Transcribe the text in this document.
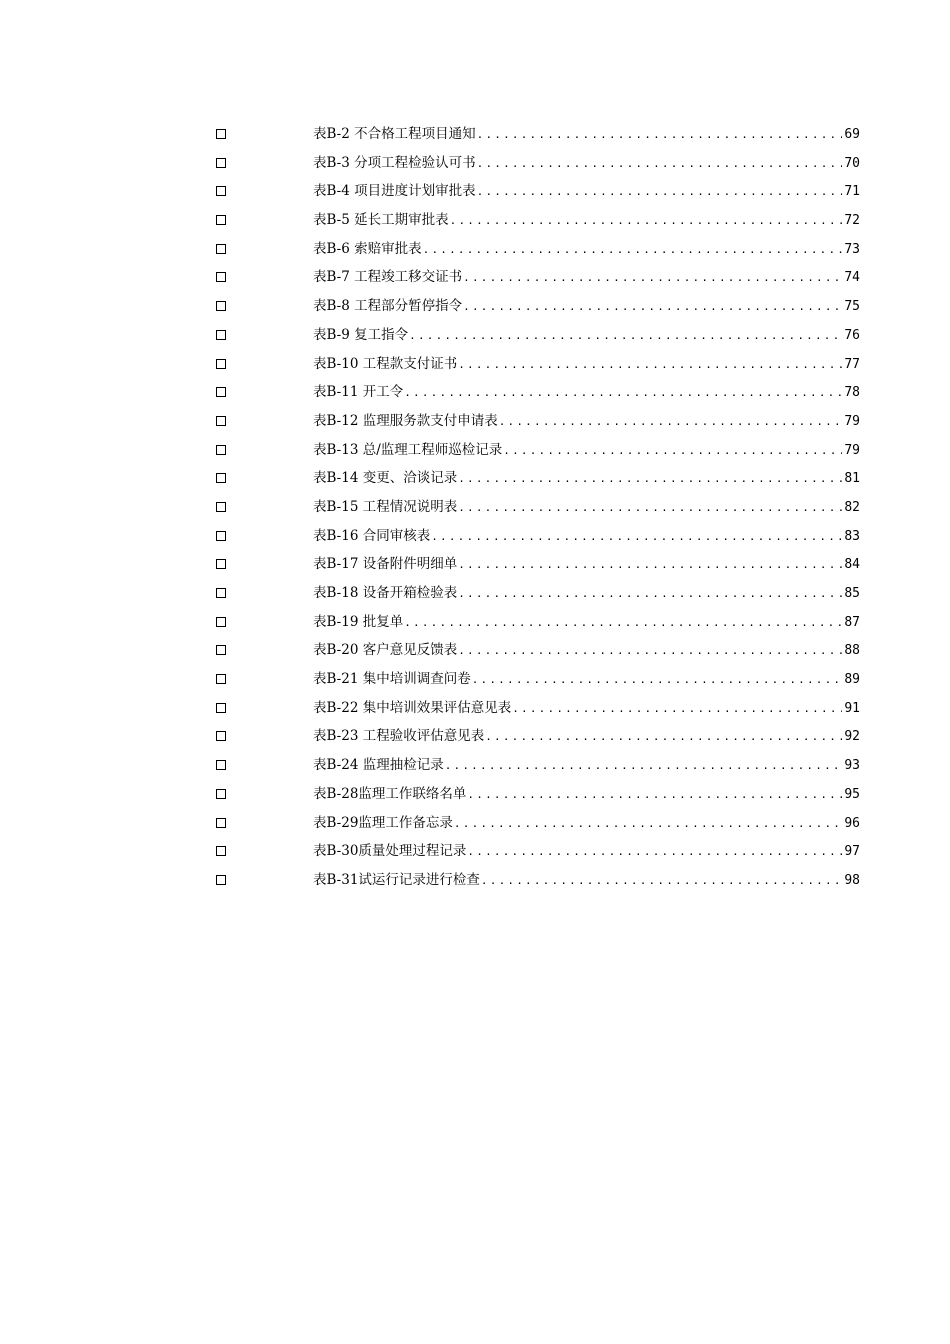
表B-2 不合格工程项目通知 .....	69
表B-3 分项工程检验认可书 .....	70
表B-4 项目进度计划审批表 .....	71
表B-5 延长工期审批表 .....	72
表B-6 索赔审批表 .....	73
表B-7 工程竣工移交证书 .....	74
表B-8 工程部分暂停指令 .....	75
表B-9 复工指令 .....	76
表B-10 工程款支付证书 .....	77
表B-11 开工令 .....	78
表B-12 监理服务款支付申请表 .....	79
表B-13 总/监理工程师巡检记录 .....	79
表B-14 变更、洽谈记录 .....	81
表B-15 工程情况说明表 .....	82
表B-16 合同审核表 .....	83
表B-17 设备附件明细单 .....	84
表B-18 设备开箱检验表 .....	85
表B-19 批复单 .....	87
表B-20 客户意见反馈表 .....	88
表B-21 集中培训调查问卷 .....	89
表B-22 集中培训效果评估意见表 .....	91
表B-23 工程验收评估意见表 .....	92
表B-24 监理抽检记录 .....	93
表B-28监理工作联络名单 .....	95
表B-29监理工作备忘录 .....	96
表B-30质量处理过程记录 .....	97
表B-31试运行记录进行检查 .....	98
